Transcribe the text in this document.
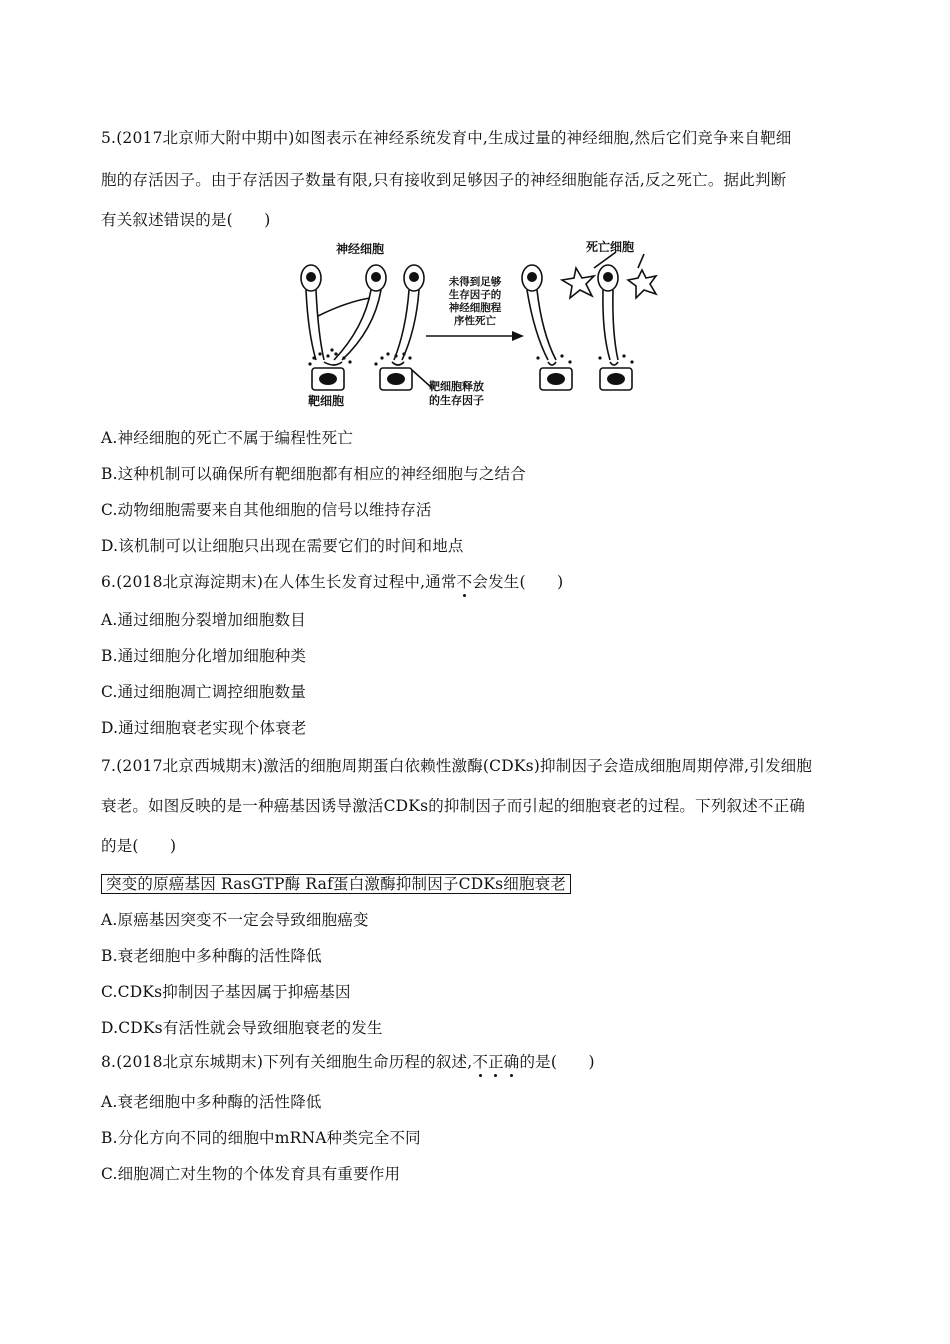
5.(2017北京师大附中期中)如图表示在神经系统发育中,生成过量的神经细胞,然后它们竞争来自靶细
胞的存活因子。由于存活因子数量有限,只有接收到足够因子的神经细胞能存活,反之死亡。据此判断
有关叙述错误的是(　　)
神经细胞	死亡细胞
靶细胞
未得到足够
生存因子的
神经细胞程
序性死亡
靶细胞释放
的生存因子
A.神经细胞的死亡不属于编程性死亡
B.这种机制可以确保所有靶细胞都有相应的神经细胞与之结合
C.动物细胞需要来自其他细胞的信号以维持存活
D.该机制可以让细胞只出现在需要它们的时间和地点
6.(2018北京海淀期末)在人体生长发育过程中,通常不会发生(　　)
A.通过细胞分裂增加细胞数目
B.通过细胞分化增加细胞种类
C.通过细胞凋亡调控细胞数量
D.通过细胞衰老实现个体衰老
7.(2017北京西城期末)激活的细胞周期蛋白依赖性激酶(CDKs)抑制因子会造成细胞周期停滞,引发细胞
衰老。如图反映的是一种癌基因诱导激活CDKs的抑制因子而引起的细胞衰老的过程。下列叙述不正确
的是(　　)
突变的原癌基因 RasGTP酶 Raf蛋白激酶抑制因子CDKs细胞衰老
A.原癌基因突变不一定会导致细胞癌变
B.衰老细胞中多种酶的活性降低
C.CDKs抑制因子基因属于抑癌基因
D.CDKs有活性就会导致细胞衰老的发生
8.(2018北京东城期末)下列有关细胞生命历程的叙述,不正确的是(　　)
A.衰老细胞中多种酶的活性降低
B.分化方向不同的细胞中mRNA种类完全不同
C.细胞凋亡对生物的个体发育具有重要作用
